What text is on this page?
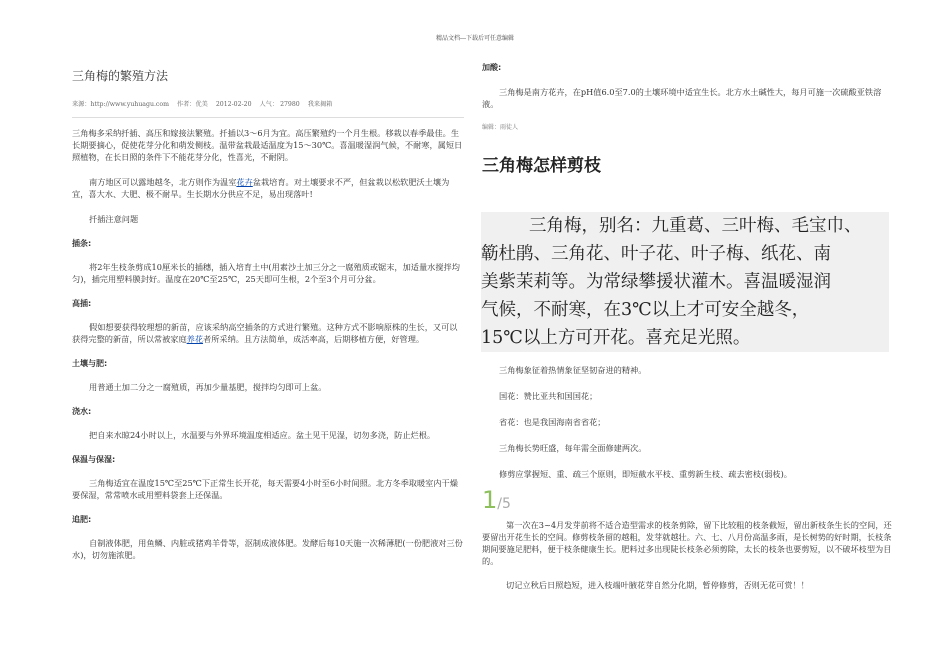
精品文档---下载后可任意编辑
三角梅的繁殖方法
来源：http://www.yuhuagu.com 作者：优美 2012-02-20 人气： 27980 我来揭箱

三角梅多采纳扦插、高压和嫁接法繁殖。扦插以3～6月为宜。高压繁殖约一个月生根。移栽以春季最佳。生长期要摘心，促使花芽分化和萌发侧枝。温带盆栽最适温度为15～30℃。喜温暖湿润气候，不耐寒，属短日照植物，在长日照的条件下不能花芽分化，性喜光，不耐阴。

南方地区可以露地越冬，北方则作为温室花卉盆栽培育。对土壤要求不严，但盆栽以松软肥沃土壤为宜，喜大水、大肥、极不耐旱。生长期水分供应不足，易出现落叶!

扦插注意问题

插条:

将2年生枝条剪成10厘米长的插穗，插入培育土中(用素沙土加三分之一腐殖质或锯末，加适量水搅拌均匀)，插完用塑料膜封好。温度在20℃至25℃，25天即可生根，2个至3个月可分盆。

高插:

假如想要获得较理想的新苗，应该采纳高空插条的方式进行繁殖。这种方式不影响原株的生长，又可以获得完整的新苗，所以常被家庭养花者所采纳。且方法简单，成活率高，后期移植方便，好管理。

土壤与肥:

用普通土加二分之一腐殖质，再加少量基肥，搅拌均匀即可上盆。

浇水:

把自来水晾24小时以上，水温要与外界环境温度相适应。盆土见干见湿，切勿多浇，防止烂根。

保温与保湿:

三角梅适宜在温度15℃至25℃下正常生长开花，每天需要4小时至6小时间照。北方冬季取暖室内干燥要保湿，常常喷水或用塑料袋套上还保温。

追肥:

自制液体肥，用鱼鳞、内脏或猪鸡羊骨等，沤制成液体肥。发酵后每10天施一次稀薄肥(一份肥液对三份水)，切勿施浓肥。

加酸:

三角梅是南方花卉，在pH值6.0至7.0的土壤环境中适宜生长。北方水土碱性大，每月可施一次硫酸亚铁溶液。

编辑：雨徒人
三角梅怎样剪枝
三角梅，别名：九重葛、三叶梅、毛宝巾、
簕杜鹃、三角花、叶子花、叶子梅、纸花、南
美紫茉莉等。为常绿攀援状灌木。喜温暖湿润
气候，不耐寒，在3℃以上才可安全越冬，
15℃以上方可开花。喜充足光照。

三角梅象征着热情象征坚韧奋进的精神。

国花：赞比亚共和国国花；

省花：也是我国海南省省花；

三角梅长势旺盛，每年需全面修建两次。

修剪应掌握短、重、疏三个原则，即短截水平枝、重剪新生枝、疏去密枝(弱枝)。

1/5

第一次在3~4月发芽前将不适合造型需求的枝条剪除，留下比较粗的枝条截短，留出新枝条生长的空间，还要留出开花生长的空间。修剪枝条留的越粗，发芽就越壮。六、七、八月份高温多雨，是长树势的好时期，长枝条期间要施足肥料，便于枝条健康生长。肥料过多出现陡长枝条必须剪除，太长的枝条也要剪短，以不破坏枝型为目的。

切记立秋后日照趋短，进入枝端叶腋花芽自然分化期，暂停修剪，否则无花可赏！！
